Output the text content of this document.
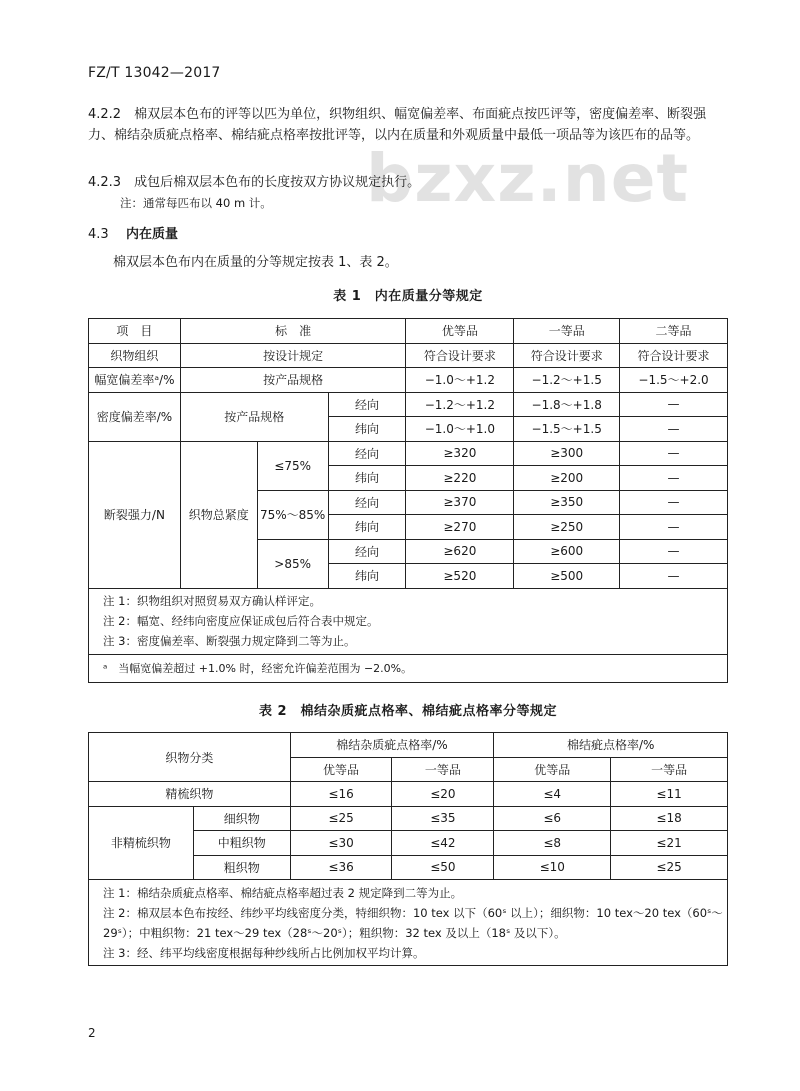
bzxz.net
FZ/T 13042—2017

4.2.2　棉双层本色布的评等以匹为单位，织物组织、幅宽偏差率、布面疵点按匹评等，密度偏差率、断裂强力、棉结杂质疵点格率、棉结疵点格率按批评等，以内在质量和外观质量中最低一项品等为该匹布的品等。

4.2.3　成包后棉双层本色布的长度按双方协议规定执行。

注：通常每匹布以 40 m 计。

4.3 内在质量

棉双层本色布内在质量的分等规定按表 1、表 2。

表 1　内在质量分等规定
项　目	标　准			优等品	一等品	二等品
织物组织	按设计规定			符合设计要求	符合设计要求	符合设计要求
幅宽偏差率ᵃ/%	按产品规格			−1.0～+1.2	−1.2～+1.5	−1.5～+2.0
密度偏差率/%	按产品规格		经向	−1.2～+1.2	−1.8～+1.8	—
			纬向	−1.0～+1.0	−1.5～+1.5	—
断裂强力/N	织物总紧度	≤75%	经向	≥320	≥300	—
			纬向	≥220	≥200	—
		75%～85%	经向	≥370	≥350	—
			纬向	≥270	≥250	—
		>85%	经向	≥620	≥600	—
			纬向	≥520	≥500	—

注 1：织物组织对照贸易双方确认样评定。
注 2：幅宽、经纬向密度应保证成包后符合表中规定。
注 3：密度偏差率、断裂强力规定降到二等为止。						

ᵃ　当幅宽偏差超过 +1.0% 时，经密允许偏差范围为 −2.0%。						
表 2　棉结杂质疵点格率、棉结疵点格率分等规定
织物分类		棉结杂质疵点格率/%		棉结疵点格率/%	
		优等品	一等品	优等品	一等品
精梳织物		≤16	≤20	≤4	≤11
非精梳织物	细织物	≤25	≤35	≤6	≤18
	中粗织物	≤30	≤42	≤8	≤21
	粗织物	≤36	≤50	≤10	≤25

注 1：棉结杂质疵点格率、棉结疵点格率超过表 2 规定降到二等为止。
注 2：棉双层本色布按经、纬纱平均线密度分类，特细织物：10 tex 以下（60ˢ 以上）；细织物：10 tex～20 tex（60ˢ～29ˢ）；中粗织物：21 tex～29 tex（28ˢ～20ˢ）；粗织物：32 tex 及以上（18ˢ 及以下）。
注 3：经、纬平均线密度根据每种纱线所占比例加权平均计算。					
2
